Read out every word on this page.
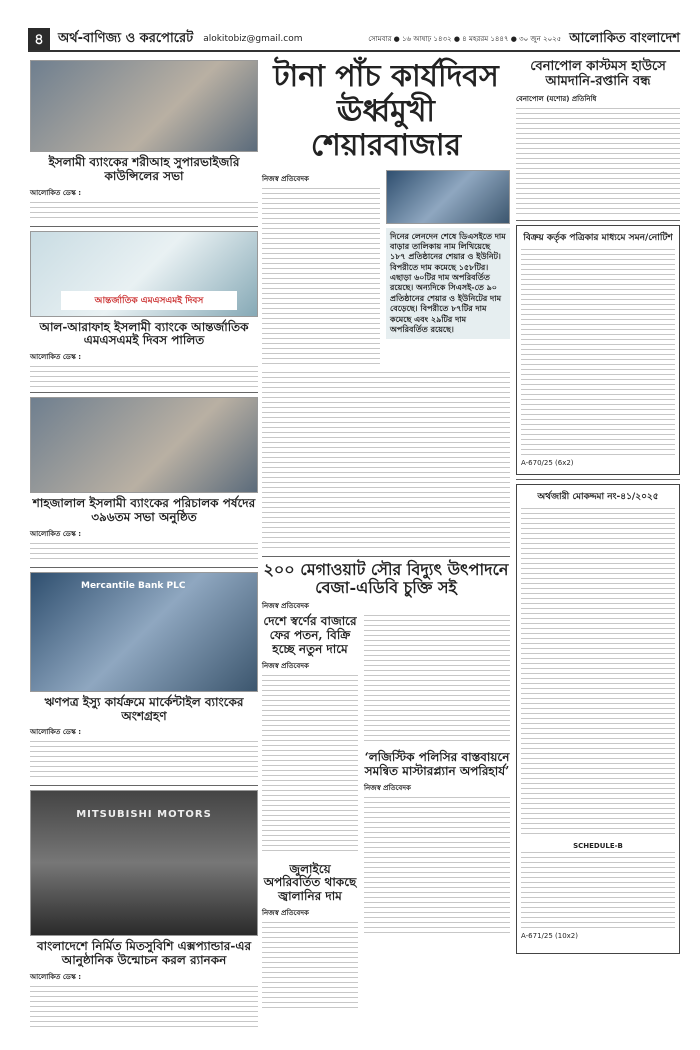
৪	অর্থ-বাণিজ্য ও করপোরেট alokitobiz@gmail.com	সোমবার ● ১৬ আষাঢ় ১৪৩২ ● ৪ মহররম ১৪৪৭ ● ৩০ জুন ২০২৫ আলোকিত বাংলাদেশ
ইসলামী ব্যাংকের শরীআহ সুপারভাইজরি কাউন্সিলের সভা
আলোকিত ডেস্ক :
আন্তর্জাতিক এমএসএমই দিবস
আল-আরাফাহ ইসলামী ব্যাংকে আন্তর্জাতিক এমএসএমই দিবস পালিত
আলোকিত ডেস্ক :
শাহজালাল ইসলামী ব্যাংকের পরিচালক পর্ষদের ৩৯৬তম সভা অনুষ্ঠিত
আলোকিত ডেস্ক :
Mercantile Bank PLC
ঋণপত্র ইস্যু কার্যক্রমে মার্কেন্টাইল ব্যাংকের অংশগ্রহণ
আলোকিত ডেস্ক :
MITSUBISHI MOTORS
বাংলাদেশে নির্মিত মিতসুবিশি এক্সপ্যান্ডার-এর আনুষ্ঠানিক উন্মোচন করল র‍্যানকন
আলোকিত ডেস্ক :
টানা পাঁচ কার্যদিবস
ঊর্ধ্বমুখী শেয়ারবাজার
নিজস্ব প্রতিবেদক
দিনের লেনদেন শেষে ডিএসইতে দাম বাড়ার তালিকায় নাম লিখিয়েছে ১৮৭ প্রতিষ্ঠানের শেয়ার ও ইউনিট। বিপরীতে দাম কমেছে ১৫৮টির। এছাড়া ৬০টির দাম অপরিবর্তিত রয়েছে। অন্যদিকে সিএসই-তে ৯০ প্রতিষ্ঠানের শেয়ার ও ইউনিটের দাম বেড়েছে। বিপরীতে ৮৭টির দাম কমেছে এবং ২৯টির দাম অপরিবর্তিত রয়েছে।
২০০ মেগাওয়াট সৌর বিদ্যুৎ উৎপাদনে বেজা-এডিবি চুক্তি সই
নিজস্ব প্রতিবেদক
দেশে স্বর্ণের বাজারে ফের পতন, বিক্রি হচ্ছে নতুন দামে
নিজস্ব প্রতিবেদক
জুলাইয়ে অপরিবর্তিত থাকছে জ্বালানির দাম
নিজস্ব প্রতিবেদক
‘লজিস্টিক পলিসির বাস্তবায়নে সমন্বিত মাস্টারপ্ল্যান অপরিহার্য’
নিজস্ব প্রতিবেদক
বেনাপোল কাস্টমস হাউসে আমদানি-রপ্তানি বন্ধ
বেনাপোল (যশোর) প্রতিনিধি
বিক্রয় কর্তৃক পত্রিকার মাধ্যমে সমন/নোটিশ
A-670/25 (6x2)
অর্থজারী মোকদ্দমা নং-৪১/২০২৫
SCHEDULE-B
A-671/25 (10x2)
